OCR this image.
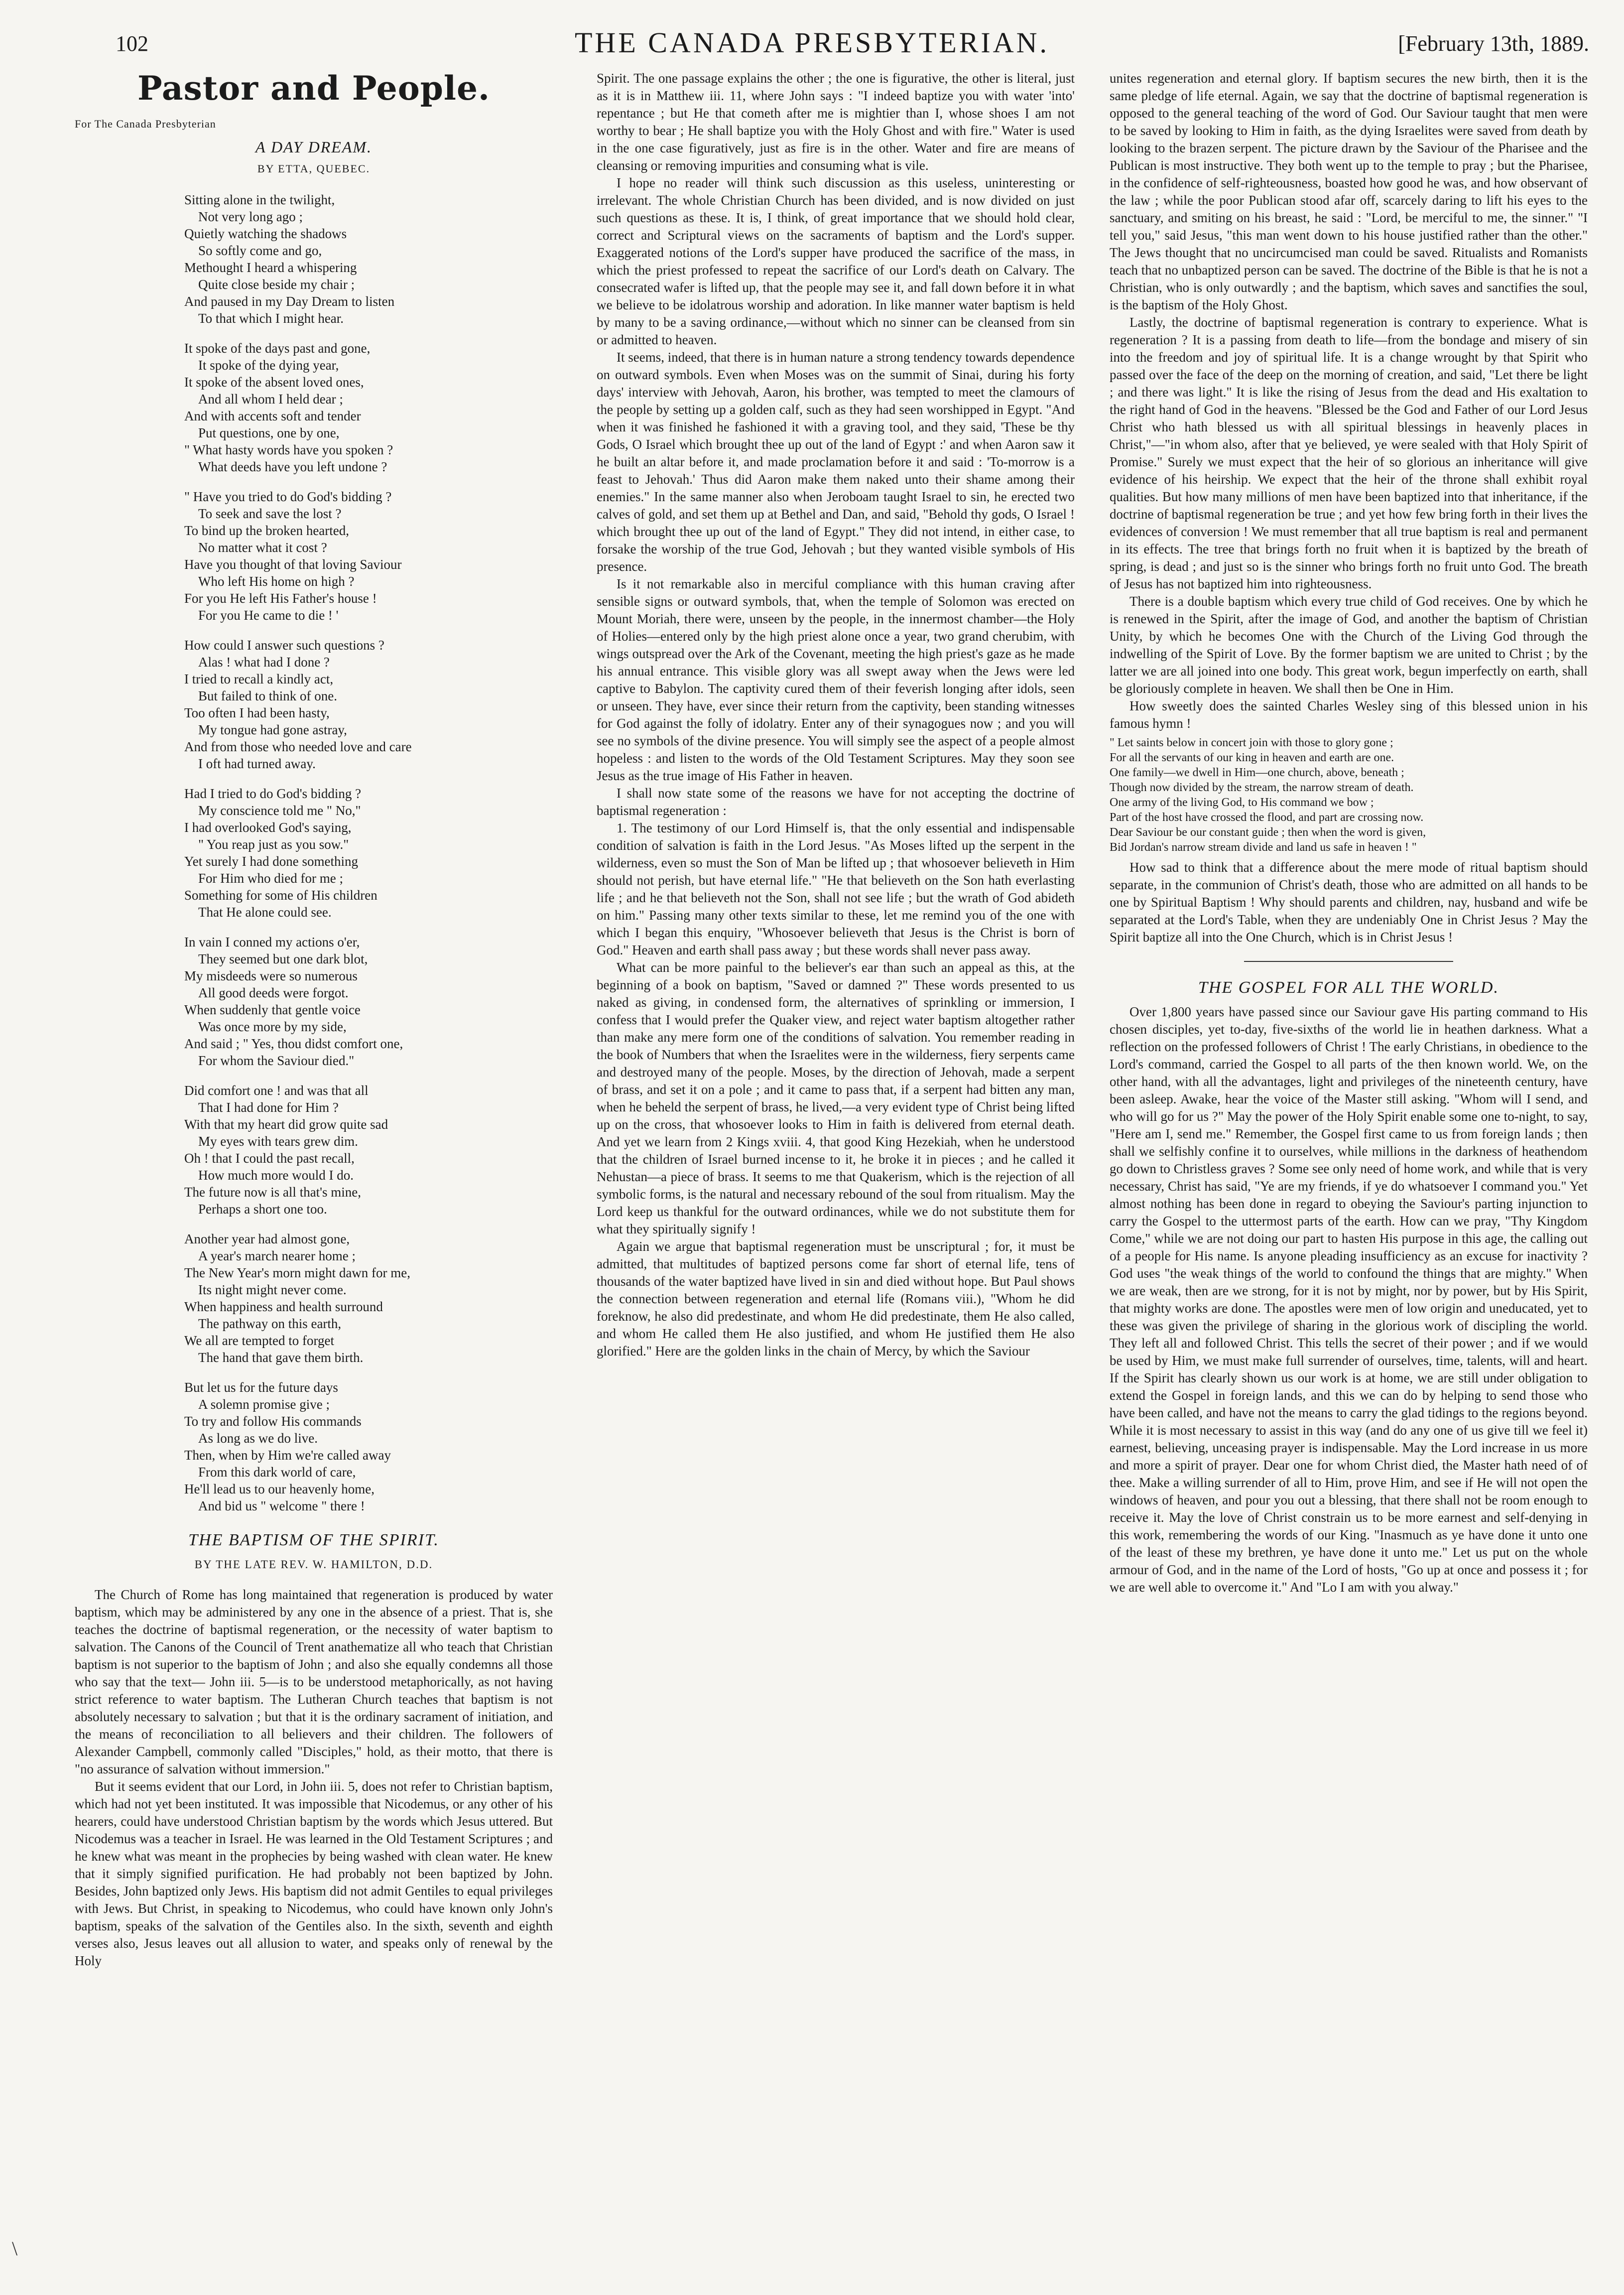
102	THE CANADA PRESBYTERIAN.	[February 13th, 1889.
Pastor and People.
For The Canada Presbyterian
A DAY DREAM.
BY ETTA, QUEBEC.
Sitting alone in the twilight,
Not very long ago ;
Quietly watching the shadows
So softly come and go,
Methought I heard a whispering
Quite close beside my chair ;
And paused in my Day Dream to listen
To that which I might hear.
It spoke of the days past and gone,
It spoke of the dying year,
It spoke of the absent loved ones,
And all whom I held dear ;
And with accents soft and tender
Put questions, one by one,
" What hasty words have you spoken ?
What deeds have you left undone ?
" Have you tried to do God's bidding ?
To seek and save the lost ?
To bind up the broken hearted,
No matter what it cost ?
Have you thought of that loving Saviour
Who left His home on high ?
For you He left His Father's house !
For you He came to die ! '
How could I answer such questions ?
Alas ! what had I done ?
I tried to recall a kindly act,
But failed to think of one.
Too often I had been hasty,
My tongue had gone astray,
And from those who needed love and care
I oft had turned away.
Had I tried to do God's bidding ?
My conscience told me " No,"
I had overlooked God's saying,
" You reap just as you sow."
Yet surely I had done something
For Him who died for me ;
Something for some of His children
That He alone could see.
In vain I conned my actions o'er,
They seemed but one dark blot,
My misdeeds were so numerous
All good deeds were forgot.
When suddenly that gentle voice
Was once more by my side,
And said ; " Yes, thou didst comfort one,
For whom the Saviour died."
Did comfort one ! and was that all
That I had done for Him ?
With that my heart did grow quite sad
My eyes with tears grew dim.
Oh ! that I could the past recall,
How much more would I do.
The future now is all that's mine,
Perhaps a short one too.
Another year had almost gone,
A year's march nearer home ;
The New Year's morn might dawn for me,
Its night might never come.
When happiness and health surround
The pathway on this earth,
We all are tempted to forget
The hand that gave them birth.
But let us for the future days
A solemn promise give ;
To try and follow His commands
As long as we do live.
Then, when by Him we're called away
From this dark world of care,
He'll lead us to our heavenly home,
And bid us " welcome " there !
THE BAPTISM OF THE SPIRIT.
BY THE LATE REV. W. HAMILTON, D.D.

The Church of Rome has long maintained that regeneration is produced by water baptism, which may be administered by any one in the absence of a priest. That is, she teaches the doctrine of baptismal regeneration, or the necessity of water baptism to salvation. The Canons of the Council of Trent anathematize all who teach that Christian baptism is not superior to the baptism of John ; and also she equally condemns all those who say that the text— John iii. 5—is to be understood metaphorically, as not having strict reference to water baptism. The Lutheran Church teaches that baptism is not absolutely necessary to salvation ; but that it is the ordinary sacrament of initiation, and the means of reconciliation to all believers and their children. The followers of Alexander Campbell, commonly called "Disciples," hold, as their motto, that there is "no assurance of salvation without immersion."

But it seems evident that our Lord, in John iii. 5, does not refer to Christian baptism, which had not yet been instituted. It was impossible that Nicodemus, or any other of his hearers, could have understood Christian baptism by the words which Jesus uttered. But Nicodemus was a teacher in Israel. He was learned in the Old Testament Scriptures ; and he knew what was meant in the prophecies by being washed with clean water. He knew that it simply signified purification. He had probably not been baptized by John. Besides, John baptized only Jews. His baptism did not admit Gentiles to equal privileges with Jews. But Christ, in speaking to Nicodemus, who could have known only John's baptism, speaks of the salvation of the Gentiles also. In the sixth, seventh and eighth verses also, Jesus leaves out all allusion to water, and speaks only of renewal by the Holy

Spirit. The one passage explains the other ; the one is figurative, the other is literal, just as it is in Matthew iii. 11, where John says : "I indeed baptize you with water 'into' repentance ; but He that cometh after me is mightier than I, whose shoes I am not worthy to bear ; He shall baptize you with the Holy Ghost and with fire." Water is used in the one case figuratively, just as fire is in the other. Water and fire are means of cleansing or removing impurities and consuming what is vile.

I hope no reader will think such discussion as this useless, uninteresting or irrelevant. The whole Christian Church has been divided, and is now divided on just such questions as these. It is, I think, of great importance that we should hold clear, correct and Scriptural views on the sacraments of baptism and the Lord's supper. Exaggerated notions of the Lord's supper have produced the sacrifice of the mass, in which the priest professed to repeat the sacrifice of our Lord's death on Calvary. The consecrated wafer is lifted up, that the people may see it, and fall down before it in what we believe to be idolatrous worship and adoration. In like manner water baptism is held by many to be a saving ordinance,—without which no sinner can be cleansed from sin or admitted to heaven.

It seems, indeed, that there is in human nature a strong tendency towards dependence on outward symbols. Even when Moses was on the summit of Sinai, during his forty days' interview with Jehovah, Aaron, his brother, was tempted to meet the clamours of the people by setting up a golden calf, such as they had seen worshipped in Egypt. "And when it was finished he fashioned it with a graving tool, and they said, 'These be thy Gods, O Israel which brought thee up out of the land of Egypt :' and when Aaron saw it he built an altar before it, and made proclamation before it and said : 'To-morrow is a feast to Jehovah.' Thus did Aaron make them naked unto their shame among their enemies." In the same manner also when Jeroboam taught Israel to sin, he erected two calves of gold, and set them up at Bethel and Dan, and said, "Behold thy gods, O Israel ! which brought thee up out of the land of Egypt." They did not intend, in either case, to forsake the worship of the true God, Jehovah ; but they wanted visible symbols of His presence.

Is it not remarkable also in merciful compliance with this human craving after sensible signs or outward symbols, that, when the temple of Solomon was erected on Mount Moriah, there were, unseen by the people, in the innermost chamber—the Holy of Holies—entered only by the high priest alone once a year, two grand cherubim, with wings outspread over the Ark of the Covenant, meeting the high priest's gaze as he made his annual entrance. This visible glory was all swept away when the Jews were led captive to Babylon. The captivity cured them of their feverish longing after idols, seen or unseen. They have, ever since their return from the captivity, been standing witnesses for God against the folly of idolatry. Enter any of their synagogues now ; and you will see no symbols of the divine presence. You will simply see the aspect of a people almost hopeless : and listen to the words of the Old Testament Scriptures. May they soon see Jesus as the true image of His Father in heaven.

I shall now state some of the reasons we have for not accepting the doctrine of baptismal regeneration :

1. The testimony of our Lord Himself is, that the only essential and indispensable condition of salvation is faith in the Lord Jesus. "As Moses lifted up the serpent in the wilderness, even so must the Son of Man be lifted up ; that whosoever believeth in Him should not perish, but have eternal life." "He that believeth on the Son hath everlasting life ; and he that believeth not the Son, shall not see life ; but the wrath of God abideth on him." Passing many other texts similar to these, let me remind you of the one with which I began this enquiry, "Whosoever believeth that Jesus is the Christ is born of God." Heaven and earth shall pass away ; but these words shall never pass away.

What can be more painful to the believer's ear than such an appeal as this, at the beginning of a book on baptism, "Saved or damned ?" These words presented to us naked as giving, in condensed form, the alternatives of sprinkling or immersion, I confess that I would prefer the Quaker view, and reject water baptism altogether rather than make any mere form one of the conditions of salvation. You remember reading in the book of Numbers that when the Israelites were in the wilderness, fiery serpents came and destroyed many of the people. Moses, by the direction of Jehovah, made a serpent of brass, and set it on a pole ; and it came to pass that, if a serpent had bitten any man, when he beheld the serpent of brass, he lived,—a very evident type of Christ being lifted up on the cross, that whosoever looks to Him in faith is delivered from eternal death. And yet we learn from 2 Kings xviii. 4, that good King Hezekiah, when he understood that the children of Israel burned incense to it, he broke it in pieces ; and he called it Nehustan—a piece of brass. It seems to me that Quakerism, which is the rejection of all symbolic forms, is the natural and necessary rebound of the soul from ritualism. May the Lord keep us thankful for the outward ordinances, while we do not substitute them for what they spiritually signify !

Again we argue that baptismal regeneration must be unscriptural ; for, it must be admitted, that multitudes of baptized persons come far short of eternal life, tens of thousands of the water baptized have lived in sin and died without hope. But Paul shows the connection between regeneration and eternal life (Romans viii.), "Whom he did foreknow, he also did predestinate, and whom He did predestinate, them He also called, and whom He called them He also justified, and whom He justified them He also glorified." Here are the golden links in the chain of Mercy, by which the Saviour

unites regeneration and eternal glory. If baptism secures the new birth, then it is the same pledge of life eternal. Again, we say that the doctrine of baptismal regeneration is opposed to the general teaching of the word of God. Our Saviour taught that men were to be saved by looking to Him in faith, as the dying Israelites were saved from death by looking to the brazen serpent. The picture drawn by the Saviour of the Pharisee and the Publican is most instructive. They both went up to the temple to pray ; but the Pharisee, in the confidence of self-righteousness, boasted how good he was, and how observant of the law ; while the poor Publican stood afar off, scarcely daring to lift his eyes to the sanctuary, and smiting on his breast, he said : "Lord, be merciful to me, the sinner." "I tell you," said Jesus, "this man went down to his house justified rather than the other." The Jews thought that no uncircumcised man could be saved. Ritualists and Romanists teach that no unbaptized person can be saved. The doctrine of the Bible is that he is not a Christian, who is only outwardly ; and the baptism, which saves and sanctifies the soul, is the baptism of the Holy Ghost.

Lastly, the doctrine of baptismal regeneration is contrary to experience. What is regeneration ? It is a passing from death to life—from the bondage and misery of sin into the freedom and joy of spiritual life. It is a change wrought by that Spirit who passed over the face of the deep on the morning of creation, and said, "Let there be light ; and there was light." It is like the rising of Jesus from the dead and His exaltation to the right hand of God in the heavens. "Blessed be the God and Father of our Lord Jesus Christ who hath blessed us with all spiritual blessings in heavenly places in Christ,"—"in whom also, after that ye believed, ye were sealed with that Holy Spirit of Promise." Surely we must expect that the heir of so glorious an inheritance will give evidence of his heirship. We expect that the heir of the throne shall exhibit royal qualities. But how many millions of men have been baptized into that inheritance, if the doctrine of baptismal regeneration be true ; and yet how few bring forth in their lives the evidences of conversion ! We must remember that all true baptism is real and permanent in its effects. The tree that brings forth no fruit when it is baptized by the breath of spring, is dead ; and just so is the sinner who brings forth no fruit unto God. The breath of Jesus has not baptized him into righteousness.

There is a double baptism which every true child of God receives. One by which he is renewed in the Spirit, after the image of God, and another the baptism of Christian Unity, by which he becomes One with the Church of the Living God through the indwelling of the Spirit of Love. By the former baptism we are united to Christ ; by the latter we are all joined into one body. This great work, begun imperfectly on earth, shall be gloriously complete in heaven. We shall then be One in Him.

How sweetly does the sainted Charles Wesley sing of this blessed union in his famous hymn !

" Let saints below in concert join with those to glory gone ;
For all the servants of our king in heaven and earth are one.
One family—we dwell in Him—one church, above, beneath ;
Though now divided by the stream, the narrow stream of death.
One army of the living God, to His command we bow ;
Part of the host have crossed the flood, and part are crossing now.
Dear Saviour be our constant guide ; then when the word is given,
Bid Jordan's narrow stream divide and land us safe in heaven ! "

How sad to think that a difference about the mere mode of ritual baptism should separate, in the communion of Christ's death, those who are admitted on all hands to be one by Spiritual Baptism ! Why should parents and children, nay, husband and wife be separated at the Lord's Table, when they are undeniably One in Christ Jesus ? May the Spirit baptize all into the One Church, which is in Christ Jesus !

THE GOSPEL FOR ALL THE WORLD.

Over 1,800 years have passed since our Saviour gave His parting command to His chosen disciples, yet to-day, five-sixths of the world lie in heathen darkness. What a reflection on the professed followers of Christ ! The early Christians, in obedience to the Lord's command, carried the Gospel to all parts of the then known world. We, on the other hand, with all the advantages, light and privileges of the nineteenth century, have been asleep. Awake, hear the voice of the Master still asking. "Whom will I send, and who will go for us ?" May the power of the Holy Spirit enable some one to-night, to say, "Here am I, send me." Remember, the Gospel first came to us from foreign lands ; then shall we selfishly confine it to ourselves, while millions in the darkness of heathendom go down to Christless graves ? Some see only need of home work, and while that is very necessary, Christ has said, "Ye are my friends, if ye do whatsoever I command you." Yet almost nothing has been done in regard to obeying the Saviour's parting injunction to carry the Gospel to the uttermost parts of the earth. How can we pray, "Thy Kingdom Come," while we are not doing our part to hasten His purpose in this age, the calling out of a people for His name. Is anyone pleading insufficiency as an excuse for inactivity ? God uses "the weak things of the world to confound the things that are mighty." When we are weak, then are we strong, for it is not by might, nor by power, but by His Spirit, that mighty works are done. The apostles were men of low origin and uneducated, yet to these was given the privilege of sharing in the glorious work of discipling the world. They left all and followed Christ. This tells the secret of their power ; and if we would be used by Him, we must make full surrender of ourselves, time, talents, will and heart. If the Spirit has clearly shown us our work is at home, we are still under obligation to extend the Gospel in foreign lands, and this we can do by helping to send those who have been called, and have not the means to carry the glad tidings to the regions beyond. While it is most necessary to assist in this way (and do any one of us give till we feel it) earnest, believing, unceasing prayer is indispensable. May the Lord increase in us more and more a spirit of prayer. Dear one for whom Christ died, the Master hath need of of thee. Make a willing surrender of all to Him, prove Him, and see if He will not open the windows of heaven, and pour you out a blessing, that there shall not be room enough to receive it. May the love of Christ constrain us to be more earnest and self-denying in this work, remembering the words of our King. "Inasmuch as ye have done it unto one of the least of these my brethren, ye have done it unto me." Let us put on the whole armour of God, and in the name of the Lord of hosts, "Go up at once and possess it ; for we are well able to overcome it." And "Lo I am with you alway."

\
